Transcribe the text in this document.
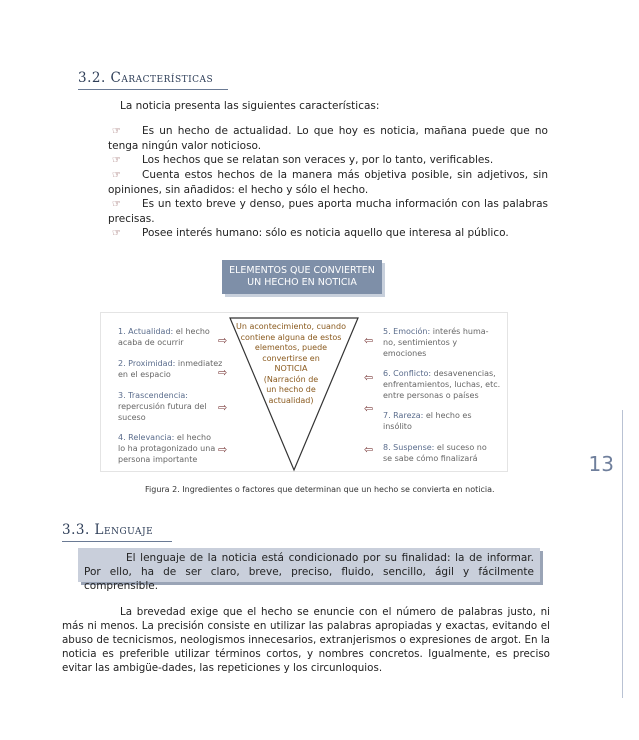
3.2. Características
La noticia presenta las siguientes características:

☞ Es un hecho de actualidad. Lo que hoy es noticia, mañana puede que no tenga ningún valor noticioso.

☞ Los hechos que se relatan son veraces y, por lo tanto, verificables.

☞ Cuenta estos hechos de la manera más objetiva posible, sin adjetivos, sin opiniones, sin añadidos: el hecho y sólo el hecho.

☞ Es un texto breve y denso, pues aporta mucha información con las palabras precisas.

☞ Posee interés humano: sólo es noticia aquello que interesa al público.

ELEMENTOS QUE CONVIERTEN
UN HECHO EN NOTICIA
Un acontecimiento, cuando
contiene alguna de estos
elementos, puede
convertirse en
NOTICIA
(Narración de
un hecho de
actualidad)
1. Actualidad: el hecho
acaba de ocurrir	⇨
2. Proximidad: inmediatez
en el espacio	⇨
3. Trascendencia:
repercusión futura del
suceso
⇨
4. Relevancia: el hecho
lo ha protagonizado una
persona importante
⇨
⇦
5. Emoción: interés huma-
no, sentimientos y
emociones
⇦ 6. Conflicto: desavenencias,
enfrentamientos, luchas, etc.
entre personas o países
⇦
7. Rareza: el hecho es
insólito
⇦ 8. Suspense: el suceso no
se sabe cómo finalizará
Figura 2. Ingredientes o factores que determinan que un hecho se convierta en noticia.
13
3.3. Lenguaje
El lenguaje de la noticia está condicionado por su finalidad: la de informar. Por ello, ha de ser claro, breve, preciso, fluido, sencillo, ágil y fácilmente comprensible.
La brevedad exige que el hecho se enuncie con el número de palabras justo, ni más ni menos. La precisión consiste en utilizar las palabras apropiadas y exactas, evitando el abuso de tecnicismos, neologismos innecesarios, extranjerismos o expresiones de argot. En la noticia es preferible utilizar términos cortos, y nombres concretos. Igualmente, es preciso evitar las ambigüe-dades, las repeticiones y los circunloquios.
